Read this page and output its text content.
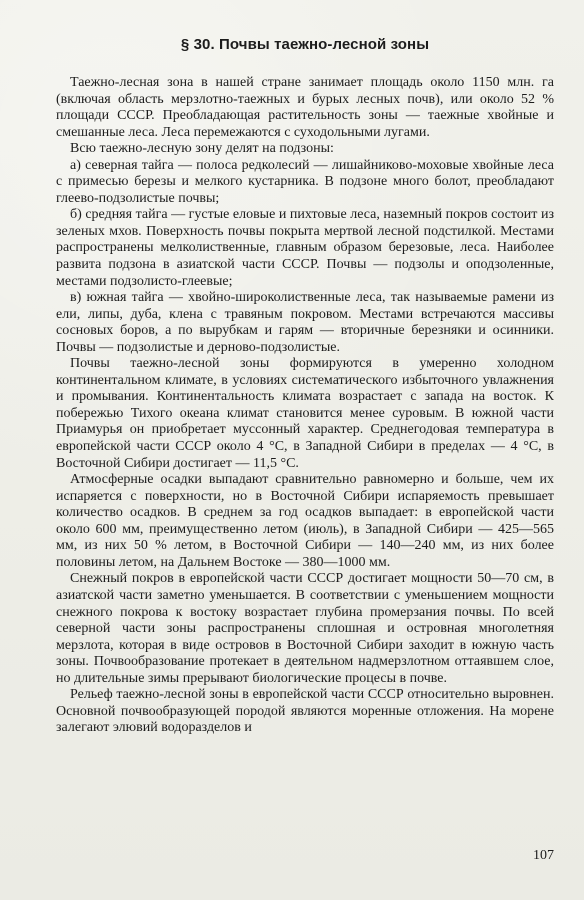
§ 30. Почвы таежно-лесной зоны

Таежно-лесная зона в нашей стране занимает площадь около 1150 млн. га (включая область мерзлотно-таежных и бурых лесных почв), или около 52 % площади СССР. Преобладающая растительность зоны — таежные хвойные и смешанные леса. Леса перемежаются с суходольными лугами.

Всю таежно-лесную зону делят на подзоны:

а) северная тайга — полоса редколесий — лишайниково-моховые хвойные леса с примесью березы и мелкого кустарника. В подзоне много болот, преобладают глеево-подзолистые почвы;

б) средняя тайга — густые еловые и пихтовые леса, наземный покров состоит из зеленых мхов. Поверхность почвы покрыта мертвой лесной подстилкой. Местами распространены мелколиственные, главным образом березовые, леса. Наиболее развита подзона в азиатской части СССР. Почвы — подзолы и оподзоленные, местами подзолисто-глеевые;

в) южная тайга — хвойно-широколиственные леса, так называемые рамени из ели, липы, дуба, клена с травяным покровом. Местами встречаются массивы сосновых боров, а по вырубкам и гарям — вторичные березняки и осинники. Почвы — подзолистые и дерново-подзолистые.

Почвы таежно-лесной зоны формируются в умеренно холодном континентальном климате, в условиях систематического избыточного увлажнения и промывания. Континентальность климата возрастает с запада на восток. К побережью Тихого океана климат становится менее суровым. В южной части Приамурья он приобретает муссонный характер. Среднегодовая температура в европейской части СССР около 4 °С, в Западной Сибири в пределах — 4 °С, в Восточной Сибири достигает — 11,5 °С.

Атмосферные осадки выпадают сравнительно равномерно и больше, чем их испаряется с поверхности, но в Восточной Сибири испаряемость превышает количество осадков. В среднем за год осадков выпадает: в европейской части около 600 мм, преимущественно летом (июль), в Западной Сибири — 425—565 мм, из них 50 % летом, в Восточной Сибири — 140—240 мм, из них более половины летом, на Дальнем Востоке — 380—1000 мм.

Снежный покров в европейской части СССР достигает мощности 50—70 см, в азиатской части заметно уменьшается. В соответствии с уменьшением мощности снежного покрова к востоку возрастает глубина промерзания почвы. По всей северной части зоны распространены сплошная и островная многолетняя мерзлота, которая в виде островов в Восточной Сибири заходит в южную часть зоны. Почвообразование протекает в деятельном надмерзлотном оттаявшем слое, но длительные зимы прерывают биологические процесы в почве.

Рельеф таежно-лесной зоны в европейской части СССР относительно выровнен. Основной почвообразующей породой являются моренные отложения. На морене залегают элювий водоразделов и

107
